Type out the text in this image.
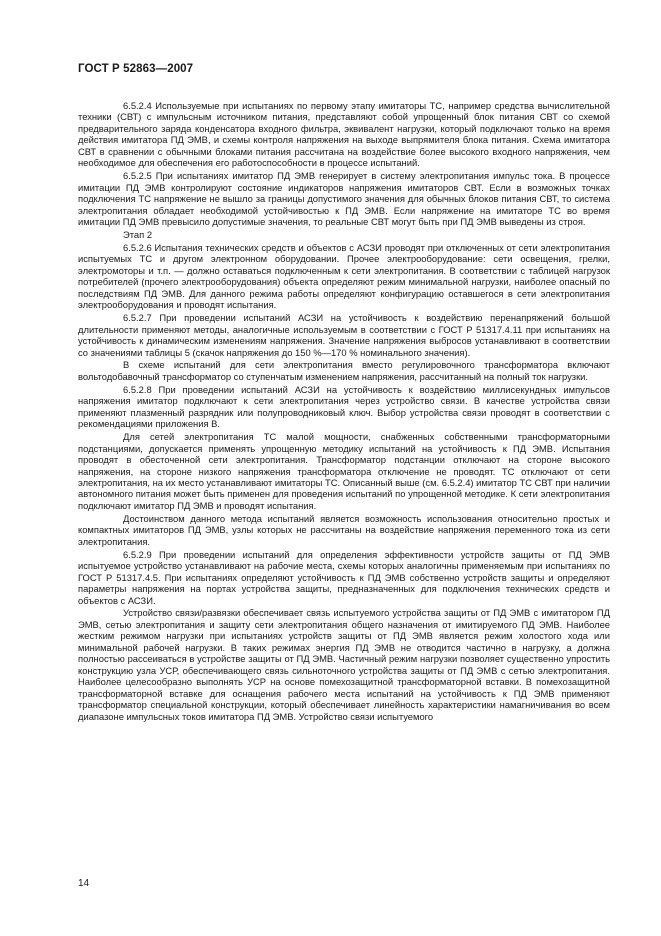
ГОСТ Р 52863—2007

6.5.2.4 Используемые при испытаниях по первому этапу имитаторы ТС, например средства вычислительной техники (СВТ) с импульсным источником питания, представляют собой упрощенный блок питания СВТ со схемой предварительного заряда конденсатора входного фильтра, эквивалент нагрузки, который подключают только на время действия имитатора ПД ЭМВ, и схемы контроля напряжения на выходе выпрямителя блока питания. Схема имитатора СВТ в сравнении с обычными блоками питания рассчитана на воздействие более высокого входного напряжения, чем необходимое для обеспечения его работоспособности в процессе испытаний.

6.5.2.5 При испытаниях имитатор ПД ЭМВ генерирует в систему электропитания импульс тока. В процессе имитации ПД ЭМВ контролируют состояние индикаторов напряжения имитаторов СВТ. Если в возможных точках подключения ТС напряжение не вышло за границы допустимого значения для обычных блоков питания СВТ, то система электропитания обладает необходимой устойчивостью к ПД ЭМВ. Если напряжение на имитаторе ТС во время имитации ПД ЭМВ превысило допустимые значения, то реальные СВТ могут быть при ПД ЭМВ выведены из строя.

Этап 2

6.5.2.6 Испытания технических средств и объектов с АСЗИ проводят при отключенных от сети электропитания испытуемых ТС и другом электронном оборудовании. Прочее электрооборудование: сети освещения, грелки, электромоторы и т.п. — должно оставаться подключенным к сети электропитания. В соответствии с таблицей нагрузок потребителей (прочего электрооборудования) объекта определяют режим минимальной нагрузки, наиболее опасный по последствиям ПД ЭМВ. Для данного режима работы определяют конфигурацию оставшегося в сети электропитания электрооборудования и проводят испытания.

6.5.2.7 При проведении испытаний АСЗИ на устойчивость к воздействию перенапряжений большой длительности применяют методы, аналогичные используемым в соответствии с ГОСТ Р 51317.4.11 при испытаниях на устойчивость к динамическим изменениям напряжения. Значение напряжения выбросов устанавливают в соответствии со значениями таблицы 5 (скачок напряжения до 150 %—170 % номинального значения).

В схеме испытаний для сети электропитания вместо регулировочного трансформатора включают вольтодобавочный трансформатор со ступенчатым изменением напряжения, рассчитанный на полный ток нагрузки.

6.5.2.8 При проведении испытаний АСЗИ на устойчивость к воздействию миллисекундных импульсов напряжения имитатор подключают к сети электропитания через устройство связи. В качестве устройства связи применяют плазменный разрядник или полупроводниковый ключ. Выбор устройства связи проводят в соответствии с рекомендациями приложения В.

Для сетей электропитания ТС малой мощности, снабженных собственными трансформаторными подстанциями, допускается применять упрощенную методику испытаний на устойчивость к ПД ЭМВ. Испытания проводят в обесточенной сети электропитания. Трансформатор подстанции отключают на стороне высокого напряжения, на стороне низкого напряжения трансформатора отключение не проводят. ТС отключают от сети электропитания, на их место устанавливают имитаторы ТС. Описанный выше (см. 6.5.2.4) имитатор ТС СВТ при наличии автономного питания может быть применен для проведения испытаний по упрощенной методике. К сети электропитания подключают имитатор ПД ЭМВ и проводят испытания.

Достоинством данного метода испытаний является возможность использования относительно простых и компактных имитаторов ПД ЭМВ, узлы которых не рассчитаны на воздействие напряжения переменного тока из сети электропитания.

6.5.2.9 При проведении испытаний для определения эффективности устройств защиты от ПД ЭМВ испытуемое устройство устанавливают на рабочие места, схемы которых аналогичны применяемым при испытаниях по ГОСТ Р 51317.4.5. При испытаниях определяют устойчивость к ПД ЭМВ собственно устройств защиты и определяют параметры напряжения на портах устройства защиты, предназначенных для подключения технических средств и объектов с АСЗИ.

Устройство связи/развязки обеспечивает связь испытуемого устройства защиты от ПД ЭМВ с имитатором ПД ЭМВ, сетью электропитания и защиту сети электропитания общего назначения от имитируемого ПД ЭМВ. Наиболее жестким режимом нагрузки при испытаниях устройств защиты от ПД ЭМВ является режим холостого хода или минимальной рабочей нагрузки. В таких режимах энергия ПД ЭМВ не отводится частично в нагрузку, а должна полностью рассеиваться в устройстве защиты от ПД ЭМВ. Частичный режим нагрузки позволяет существенно упростить конструкцию узла УСР, обеспечивающего связь сильноточного устройства защиты от ПД ЭМВ с сетью электропитания. Наиболее целесообразно выполнять УСР на основе помехозащитной трансформаторной вставки. В помехозащитной трансформаторной вставке для оснащения рабочего места испытаний на устойчивость к ПД ЭМВ применяют трансформатор специальной конструкции, который обеспечивает линейность характеристики намагничивания во всем диапазоне импульсных токов имитатора ПД ЭМВ. Устройство связи испытуемого

14
